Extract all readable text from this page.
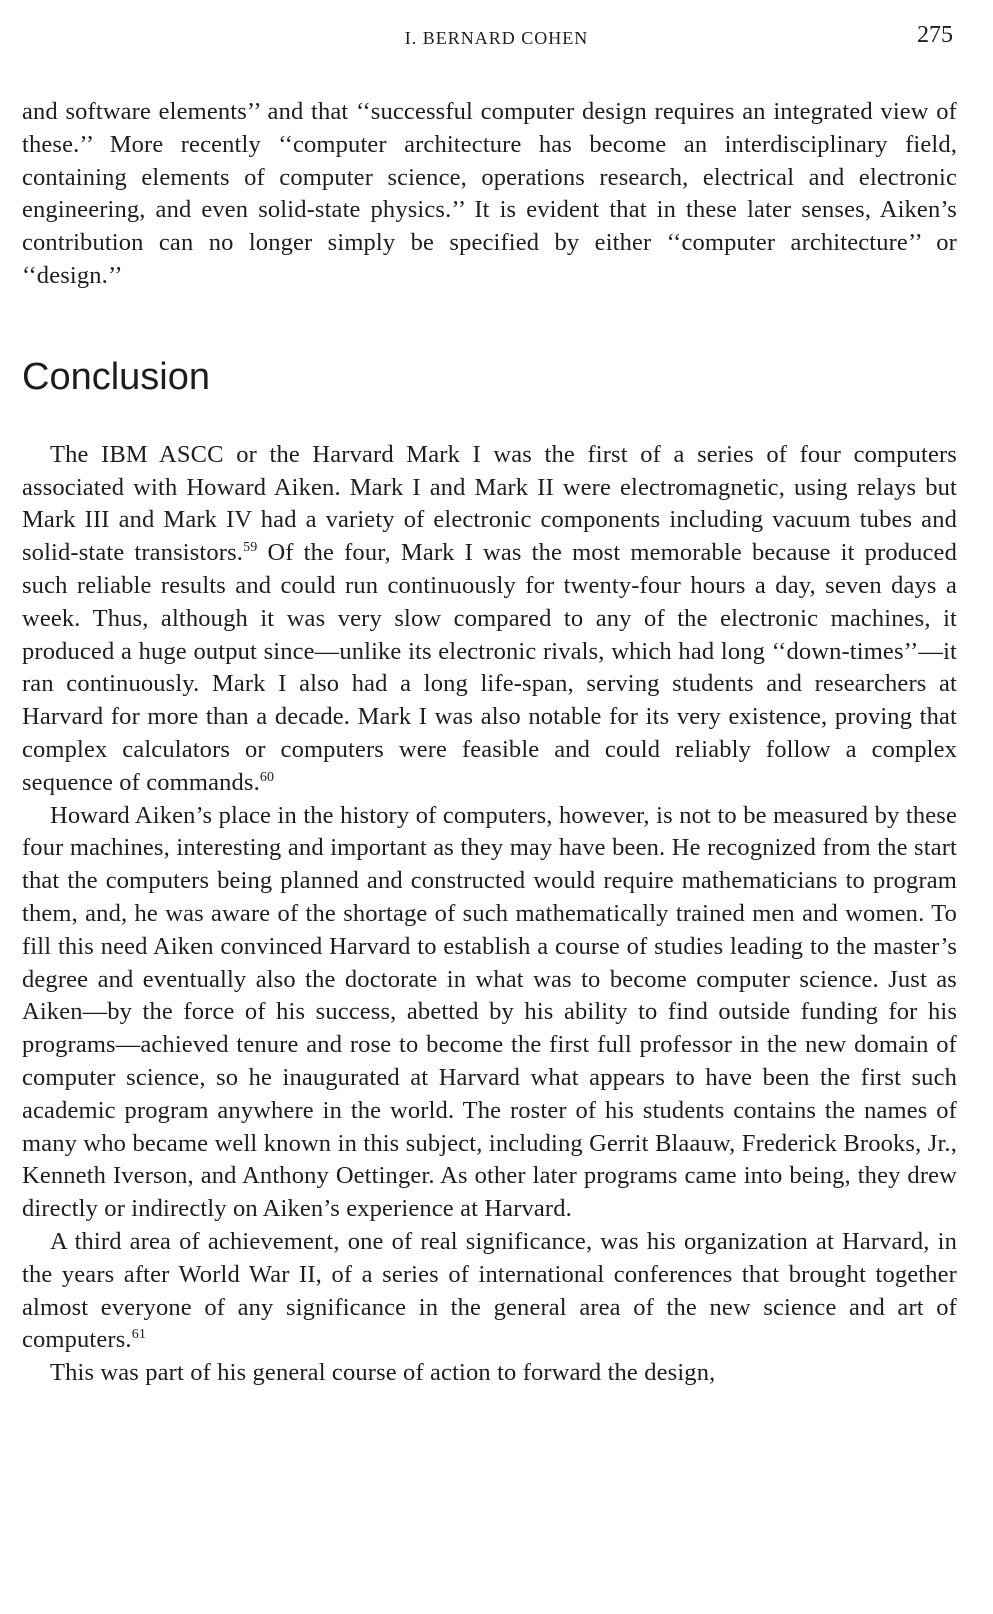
I. BERNARD COHEN	275

and software elements’’ and that ‘‘successful computer design requires an integrated view of these.’’ More recently ‘‘computer architecture has become an interdisciplinary field, containing elements of computer science, operations research, electrical and electronic engineering, and even solid-state physics.’’ It is evident that in these later senses, Aiken’s contribution can no longer simply be specified by either ‘‘computer architecture’’ or ‘‘design.’’

Conclusion

The IBM ASCC or the Harvard Mark I was the first of a series of four computers associated with Howard Aiken. Mark I and Mark II were electromagnetic, using relays but Mark III and Mark IV had a variety of electronic components including vacuum tubes and solid-state transistors.$^{59}$ Of the four, Mark I was the most memorable because it produced such reliable results and could run continuously for twenty-four hours a day, seven days a week. Thus, although it was very slow compared to any of the electronic machines, it produced a huge output since—unlike its electronic rivals, which had long ‘‘down-times’’—it ran continuously. Mark I also had a long life-span, serving students and researchers at Harvard for more than a decade. Mark I was also notable for its very existence, proving that complex calculators or computers were feasible and could reliably follow a complex sequence of commands.$^{60}$

Howard Aiken’s place in the history of computers, however, is not to be measured by these four machines, interesting and important as they may have been. He recognized from the start that the computers being planned and constructed would require mathematicians to program them, and, he was aware of the shortage of such mathematically trained men and women. To fill this need Aiken convinced Harvard to establish a course of studies leading to the master’s degree and eventually also the doctorate in what was to become computer science. Just as Aiken—by the force of his success, abetted by his ability to find outside funding for his programs—achieved tenure and rose to become the first full professor in the new domain of computer science, so he inaugurated at Harvard what appears to have been the first such academic program anywhere in the world. The roster of his students contains the names of many who became well known in this subject, including Gerrit Blaauw, Frederick Brooks, Jr., Kenneth Iverson, and Anthony Oettinger. As other later programs came into being, they drew directly or indirectly on Aiken’s experience at Harvard.

A third area of achievement, one of real significance, was his organization at Harvard, in the years after World War II, of a series of international conferences that brought together almost everyone of any significance in the general area of the new science and art of computers.$^{61}$

This was part of his general course of action to forward the design,
